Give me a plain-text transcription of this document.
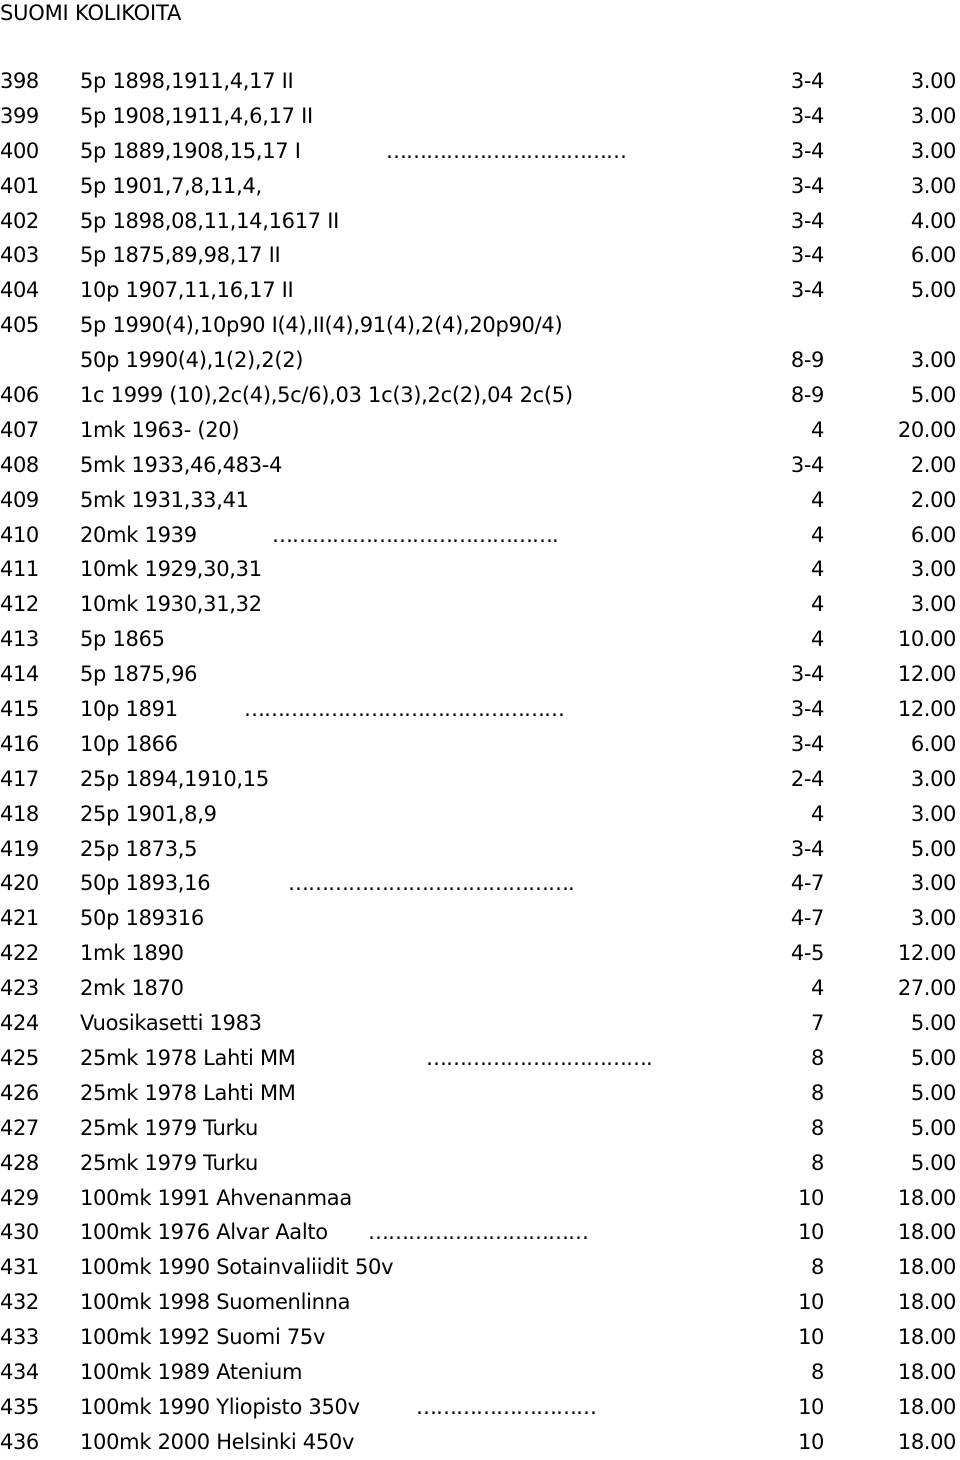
SUOMI KOLIKOITA
398 5p 1898,1911,4,17 II	3-4	3.00
399 5p 1908,1911,4,6,17 II	3-4	3.00
400 5p 1889,1908,15,17 I	………………………………	3-4	3.00
401 5p 1901,7,8,11,4,	3-4	3.00
402 5p 1898,08,11,14,1617 II	3-4	4.00
403 5p 1875,89,98,17 II	3-4	6.00
404 10p 1907,11,16,17 II	3-4	5.00
405 5p 1990(4),10p90 I(4),II(4),91(4),2(4),20p90/4)
50p 1990(4),1(2),2(2)	8-9	3.00
406 1c 1999 (10),2c(4),5c/6),03 1c(3),2c(2),04 2c(5)	8-9	5.00
407 1mk 1963- (20)	4	20.00
408 5mk 1933,46,483-4	3-4	2.00
409 5mk 1931,33,41	4	2.00
410 20mk 1939	…………………………………….	4	6.00
411 10mk 1929,30,31	4	3.00
412 10mk 1930,31,32	4	3.00
413 5p 1865	4	10.00
414 5p 1875,96	3-4	12.00
415 10p 1891	…………………………………………	3-4	12.00
416 10p 1866	3-4	6.00
417 25p 1894,1910,15	2-4	3.00
418 25p 1901,8,9	4	3.00
419 25p 1873,5	3-4	5.00
420 50p 1893,16	…………………………………….	4-7	3.00
421 50p 189316	4-7	3.00
422 1mk 1890	4-5	12.00
423 2mk 1870	4	27.00
424 Vuosikasetti 1983	7	5.00
425 25mk 1978 Lahti MM	…………………………….	8	5.00
426 25mk 1978 Lahti MM	8	5.00
427 25mk 1979 Turku	8	5.00
428 25mk 1979 Turku	8	5.00
429 100mk 1991 Ahvenanmaa	10	18.00
430 100mk 1976 Alvar Aalto ……………………………	10	18.00
431 100mk 1990 Sotainvaliidit 50v	8	18.00
432 100mk 1998 Suomenlinna	10	18.00
433 100mk 1992 Suomi 75v	10	18.00
434 100mk 1989 Atenium	8	18.00
435 100mk 1990 Yliopisto 350v	………………………	10	18.00
436 100mk 2000 Helsinki 450v	10	18.00
